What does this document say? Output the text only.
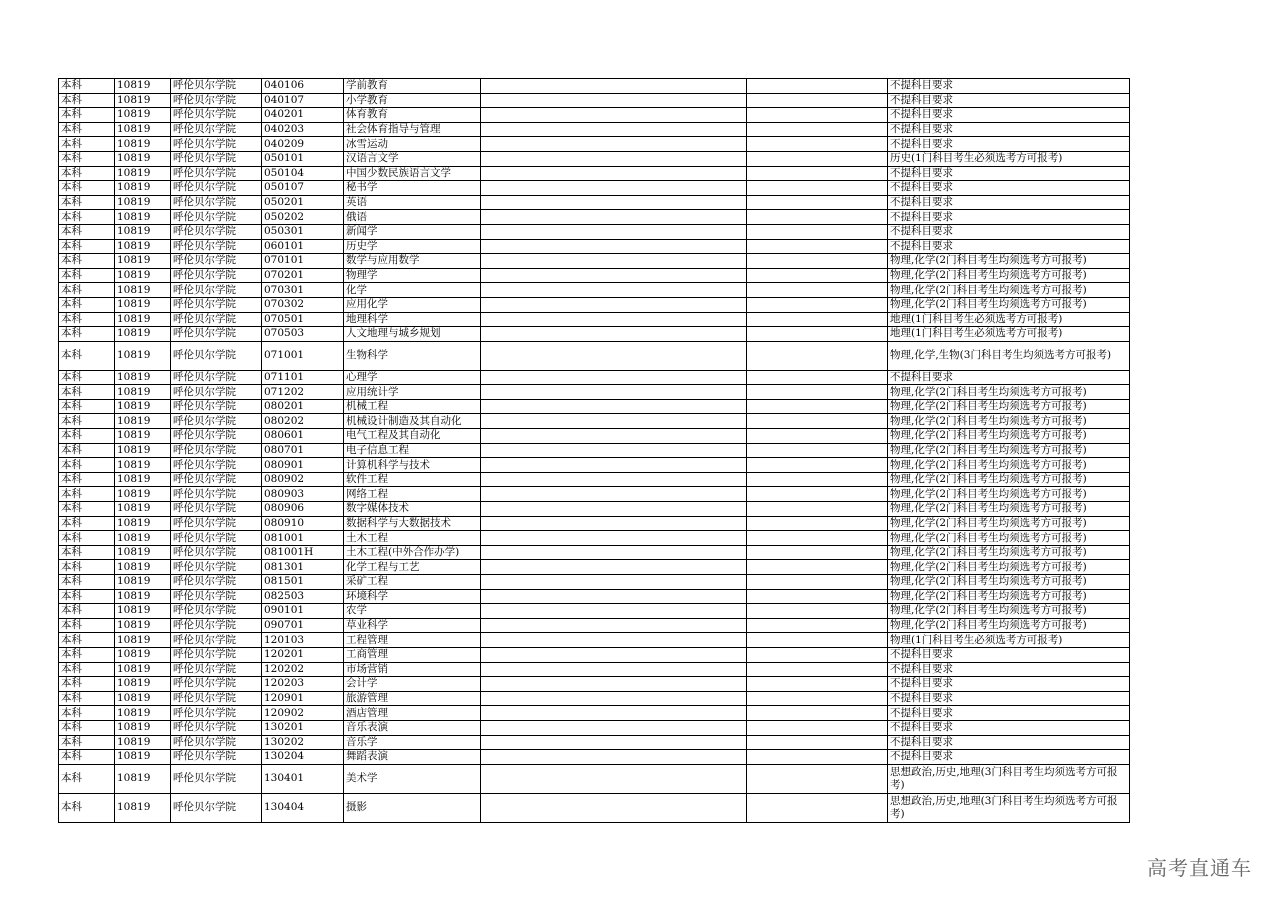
本科	10819	呼伦贝尔学院	040106	学前教育			不提科目要求
本科	10819	呼伦贝尔学院	040107	小学教育			不提科目要求
本科	10819	呼伦贝尔学院	040201	体育教育			不提科目要求
本科	10819	呼伦贝尔学院	040203	社会体育指导与管理			不提科目要求
本科	10819	呼伦贝尔学院	040209	冰雪运动			不提科目要求
本科	10819	呼伦贝尔学院	050101	汉语言文学			历史(1门科目考生必须选考方可报考)
本科	10819	呼伦贝尔学院	050104	中国少数民族语言文学			不提科目要求
本科	10819	呼伦贝尔学院	050107	秘书学			不提科目要求
本科	10819	呼伦贝尔学院	050201	英语			不提科目要求
本科	10819	呼伦贝尔学院	050202	俄语			不提科目要求
本科	10819	呼伦贝尔学院	050301	新闻学			不提科目要求
本科	10819	呼伦贝尔学院	060101	历史学			不提科目要求
本科	10819	呼伦贝尔学院	070101	数学与应用数学			物理,化学(2门科目考生均须选考方可报考)
本科	10819	呼伦贝尔学院	070201	物理学			物理,化学(2门科目考生均须选考方可报考)
本科	10819	呼伦贝尔学院	070301	化学			物理,化学(2门科目考生均须选考方可报考)
本科	10819	呼伦贝尔学院	070302	应用化学			物理,化学(2门科目考生均须选考方可报考)
本科	10819	呼伦贝尔学院	070501	地理科学			地理(1门科目考生必须选考方可报考)
本科	10819	呼伦贝尔学院	070503	人文地理与城乡规划			地理(1门科目考生必须选考方可报考)
本科	10819	呼伦贝尔学院	071001	生物科学			物理,化学,生物(3门科目考生均须选考方可报考)
本科	10819	呼伦贝尔学院	071101	心理学			不提科目要求
本科	10819	呼伦贝尔学院	071202	应用统计学			物理,化学(2门科目考生均须选考方可报考)
本科	10819	呼伦贝尔学院	080201	机械工程			物理,化学(2门科目考生均须选考方可报考)
本科	10819	呼伦贝尔学院	080202	机械设计制造及其自动化			物理,化学(2门科目考生均须选考方可报考)
本科	10819	呼伦贝尔学院	080601	电气工程及其自动化			物理,化学(2门科目考生均须选考方可报考)
本科	10819	呼伦贝尔学院	080701	电子信息工程			物理,化学(2门科目考生均须选考方可报考)
本科	10819	呼伦贝尔学院	080901	计算机科学与技术			物理,化学(2门科目考生均须选考方可报考)
本科	10819	呼伦贝尔学院	080902	软件工程			物理,化学(2门科目考生均须选考方可报考)
本科	10819	呼伦贝尔学院	080903	网络工程			物理,化学(2门科目考生均须选考方可报考)
本科	10819	呼伦贝尔学院	080906	数字媒体技术			物理,化学(2门科目考生均须选考方可报考)
本科	10819	呼伦贝尔学院	080910	数据科学与大数据技术			物理,化学(2门科目考生均须选考方可报考)
本科	10819	呼伦贝尔学院	081001	土木工程			物理,化学(2门科目考生均须选考方可报考)
本科	10819	呼伦贝尔学院	081001H	土木工程(中外合作办学)			物理,化学(2门科目考生均须选考方可报考)
本科	10819	呼伦贝尔学院	081301	化学工程与工艺			物理,化学(2门科目考生均须选考方可报考)
本科	10819	呼伦贝尔学院	081501	采矿工程			物理,化学(2门科目考生均须选考方可报考)
本科	10819	呼伦贝尔学院	082503	环境科学			物理,化学(2门科目考生均须选考方可报考)
本科	10819	呼伦贝尔学院	090101	农学			物理,化学(2门科目考生均须选考方可报考)
本科	10819	呼伦贝尔学院	090701	草业科学			物理,化学(2门科目考生均须选考方可报考)
本科	10819	呼伦贝尔学院	120103	工程管理			物理(1门科目考生必须选考方可报考)
本科	10819	呼伦贝尔学院	120201	工商管理			不提科目要求
本科	10819	呼伦贝尔学院	120202	市场营销			不提科目要求
本科	10819	呼伦贝尔学院	120203	会计学			不提科目要求
本科	10819	呼伦贝尔学院	120901	旅游管理			不提科目要求
本科	10819	呼伦贝尔学院	120902	酒店管理			不提科目要求
本科	10819	呼伦贝尔学院	130201	音乐表演			不提科目要求
本科	10819	呼伦贝尔学院	130202	音乐学			不提科目要求
本科	10819	呼伦贝尔学院	130204	舞蹈表演			不提科目要求
本科	10819	呼伦贝尔学院	130401	美术学			思想政治,历史,地理(3门科目考生均须选考方可报考)
本科	10819	呼伦贝尔学院	130404	摄影			思想政治,历史,地理(3门科目考生均须选考方可报考)
高考直通车
